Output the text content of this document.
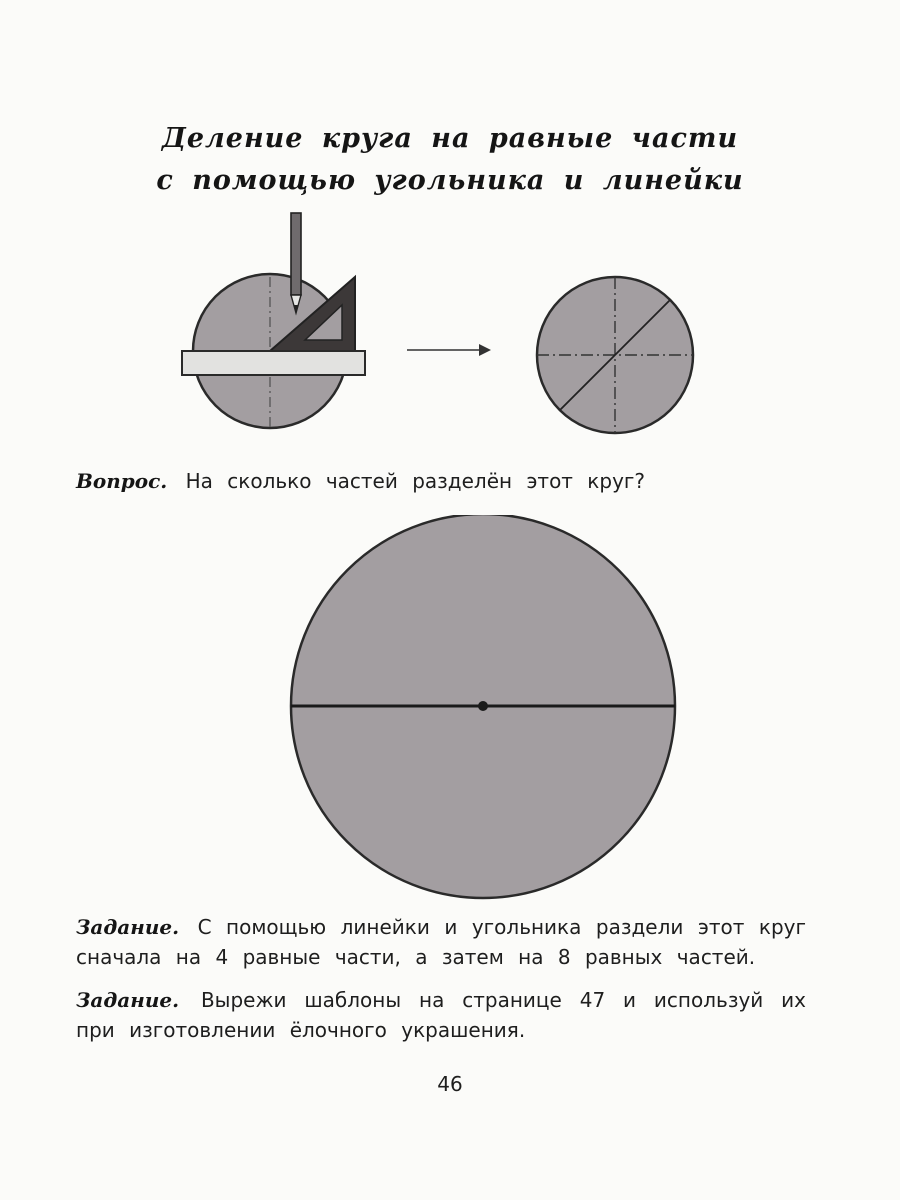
Деление круга на равные части
с помощью угольника и линейки
Вопрос. На сколько частей разделён этот круг?
Задание. С помощью линейки и угольника раздели этот круг сначала на 4 равные части, а затем на 8 равных частей.
Задание. Вырежи шаблоны на странице 47 и используй их при изготовлении ёлочного украшения.
46
